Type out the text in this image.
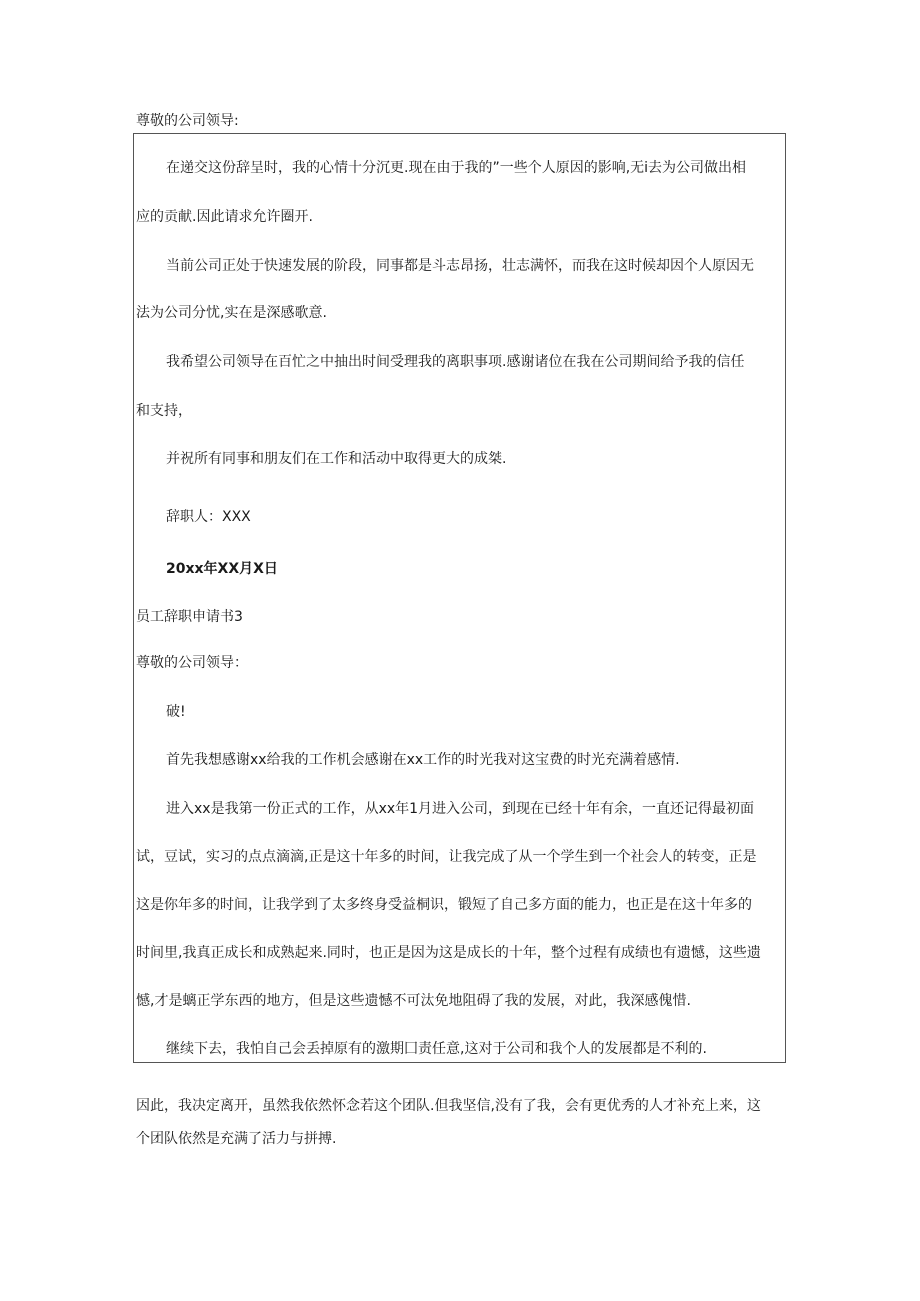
尊敬的公司领导:
在递交这份辞呈时，我的心情十分沉更.现在由于我的”一些个人原因的影响,无i去为公司做出相
应的贡献.因此请求允许圈开.
当前公司正处于快速发展的阶段，同事都是斗志昂扬，壮志满怀，而我在这时候却因个人原因无
法为公司分忧,实在是深感歌意.
我希望公司领导在百忙之中抽出时间受理我的离职事项.感谢诸位在我在公司期间给予我的信任
和支持，
并祝所有同事和朋友们在工作和活动中取得更大的成桀.
辞职人：XXX
20xx年XX月X日
员工辞职申请书3
尊敬的公司领导：
破!
首先我想感谢xx给我的工作机会感谢在xx工作的时光我对这宝费的时光充满着感情.
进入xx是我第一份正式的工作，从xx年1月进入公司，到现在已经十年有余，一直还记得最初面
试，豆试，实习的点点滴滴,正是这十年多的时间，让我完成了从一个学生到一个社会人的转变，正是
这是你年多的时间，让我学到了太多终身受益桐识，锻短了自己多方面的能力，也正是在这十年多的
时间里,我真正成长和成熟起来.同时，也正是因为这是成长的十年，整个过程有成绩也有遗憾，这些遗
憾,才是螭正学东西的地方，但是这些遗憾不可汰免地阻碍了我的发展，对此，我深感傀惜.
继续下去，我怕自己会丢掉原有的激期囗责任意,这对于公司和我个人的发展都是不利的.

因此，我决定离开，虽然我依然怀念若这个团队.但我坚信,没有了我，会有更优秀的人才补充上来，这

个团队依然是充满了活力与拼搏.
